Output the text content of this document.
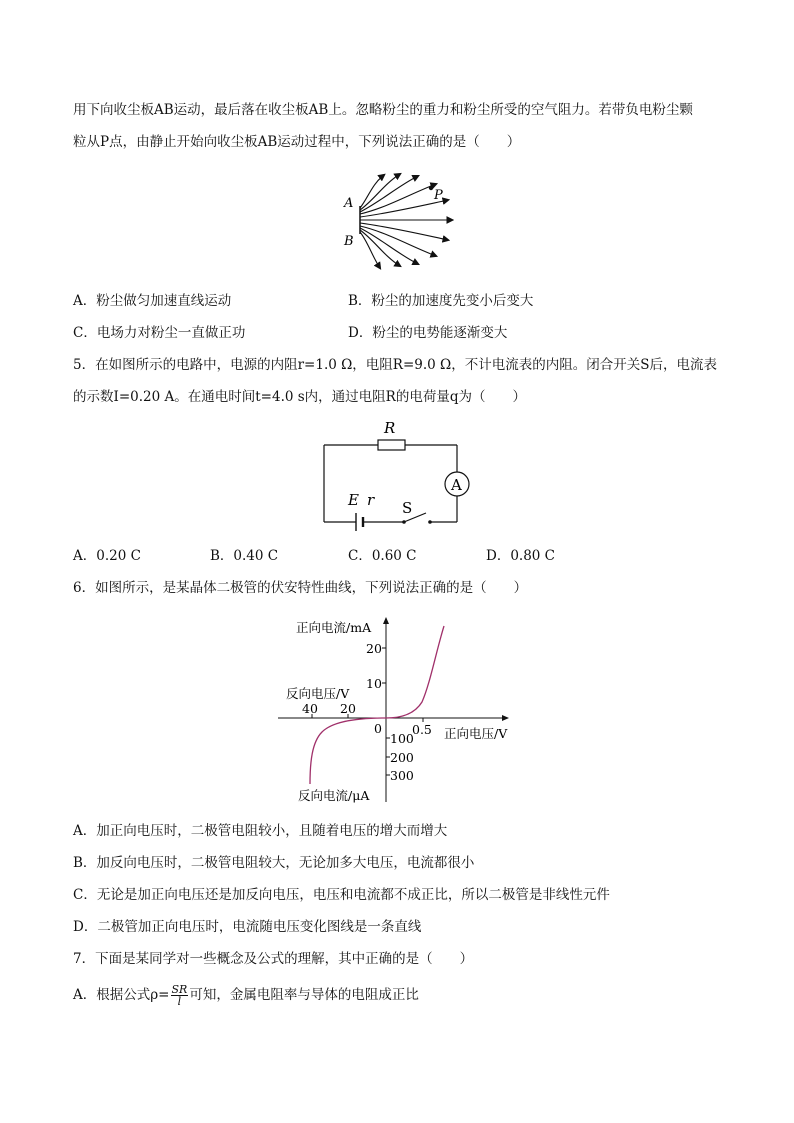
用下向收尘板AB运动，最后落在收尘板AB上。忽略粉尘的重力和粉尘所受的空气阻力。若带负电粉尘颗
粒从P点，由静止开始向收尘板AB运动过程中，下列说法正确的是（　　）
A
B
P
A．粉尘做匀加速直线运动	B．粉尘的加速度先变小后变大
C．电场力对粉尘一直做正功	D．粉尘的电势能逐渐变大
5．在如图所示的电路中，电源的内阻r=1.0 Ω，电阻R=9.0 Ω，不计电流表的内阻。闭合开关S后，电流表
的示数I=0.20 A。在通电时间t=4.0 s内，通过电阻R的电荷量q为（　　）
R
A
E r S
A．0.20 C	B．0.40 C	C．0.60 C	D．0.80 C
6．如图所示，是某晶体二极管的伏安特性曲线，下列说法正确的是（　　）
正向电流/mA
20
10
反向电压/V
40 20
0 0.5 正向电压/V
100
200
300
反向电流/μA
A．加正向电压时，二极管电阻较小，且随着电压的增大而增大
B．加反向电压时，二极管电阻较大，无论加多大电压，电流都很小
C．无论是加正向电压还是加反向电压，电压和电流都不成正比，所以二极管是非线性元件
D．二极管加正向电压时，电流随电压变化图线是一条直线
7．下面是某同学对一些概念及公式的理解，其中正确的是（　　）
A．根据公式$\rho= \frac{SR}{l}$ 可知，金属电阻率与导体的电阻成正比
